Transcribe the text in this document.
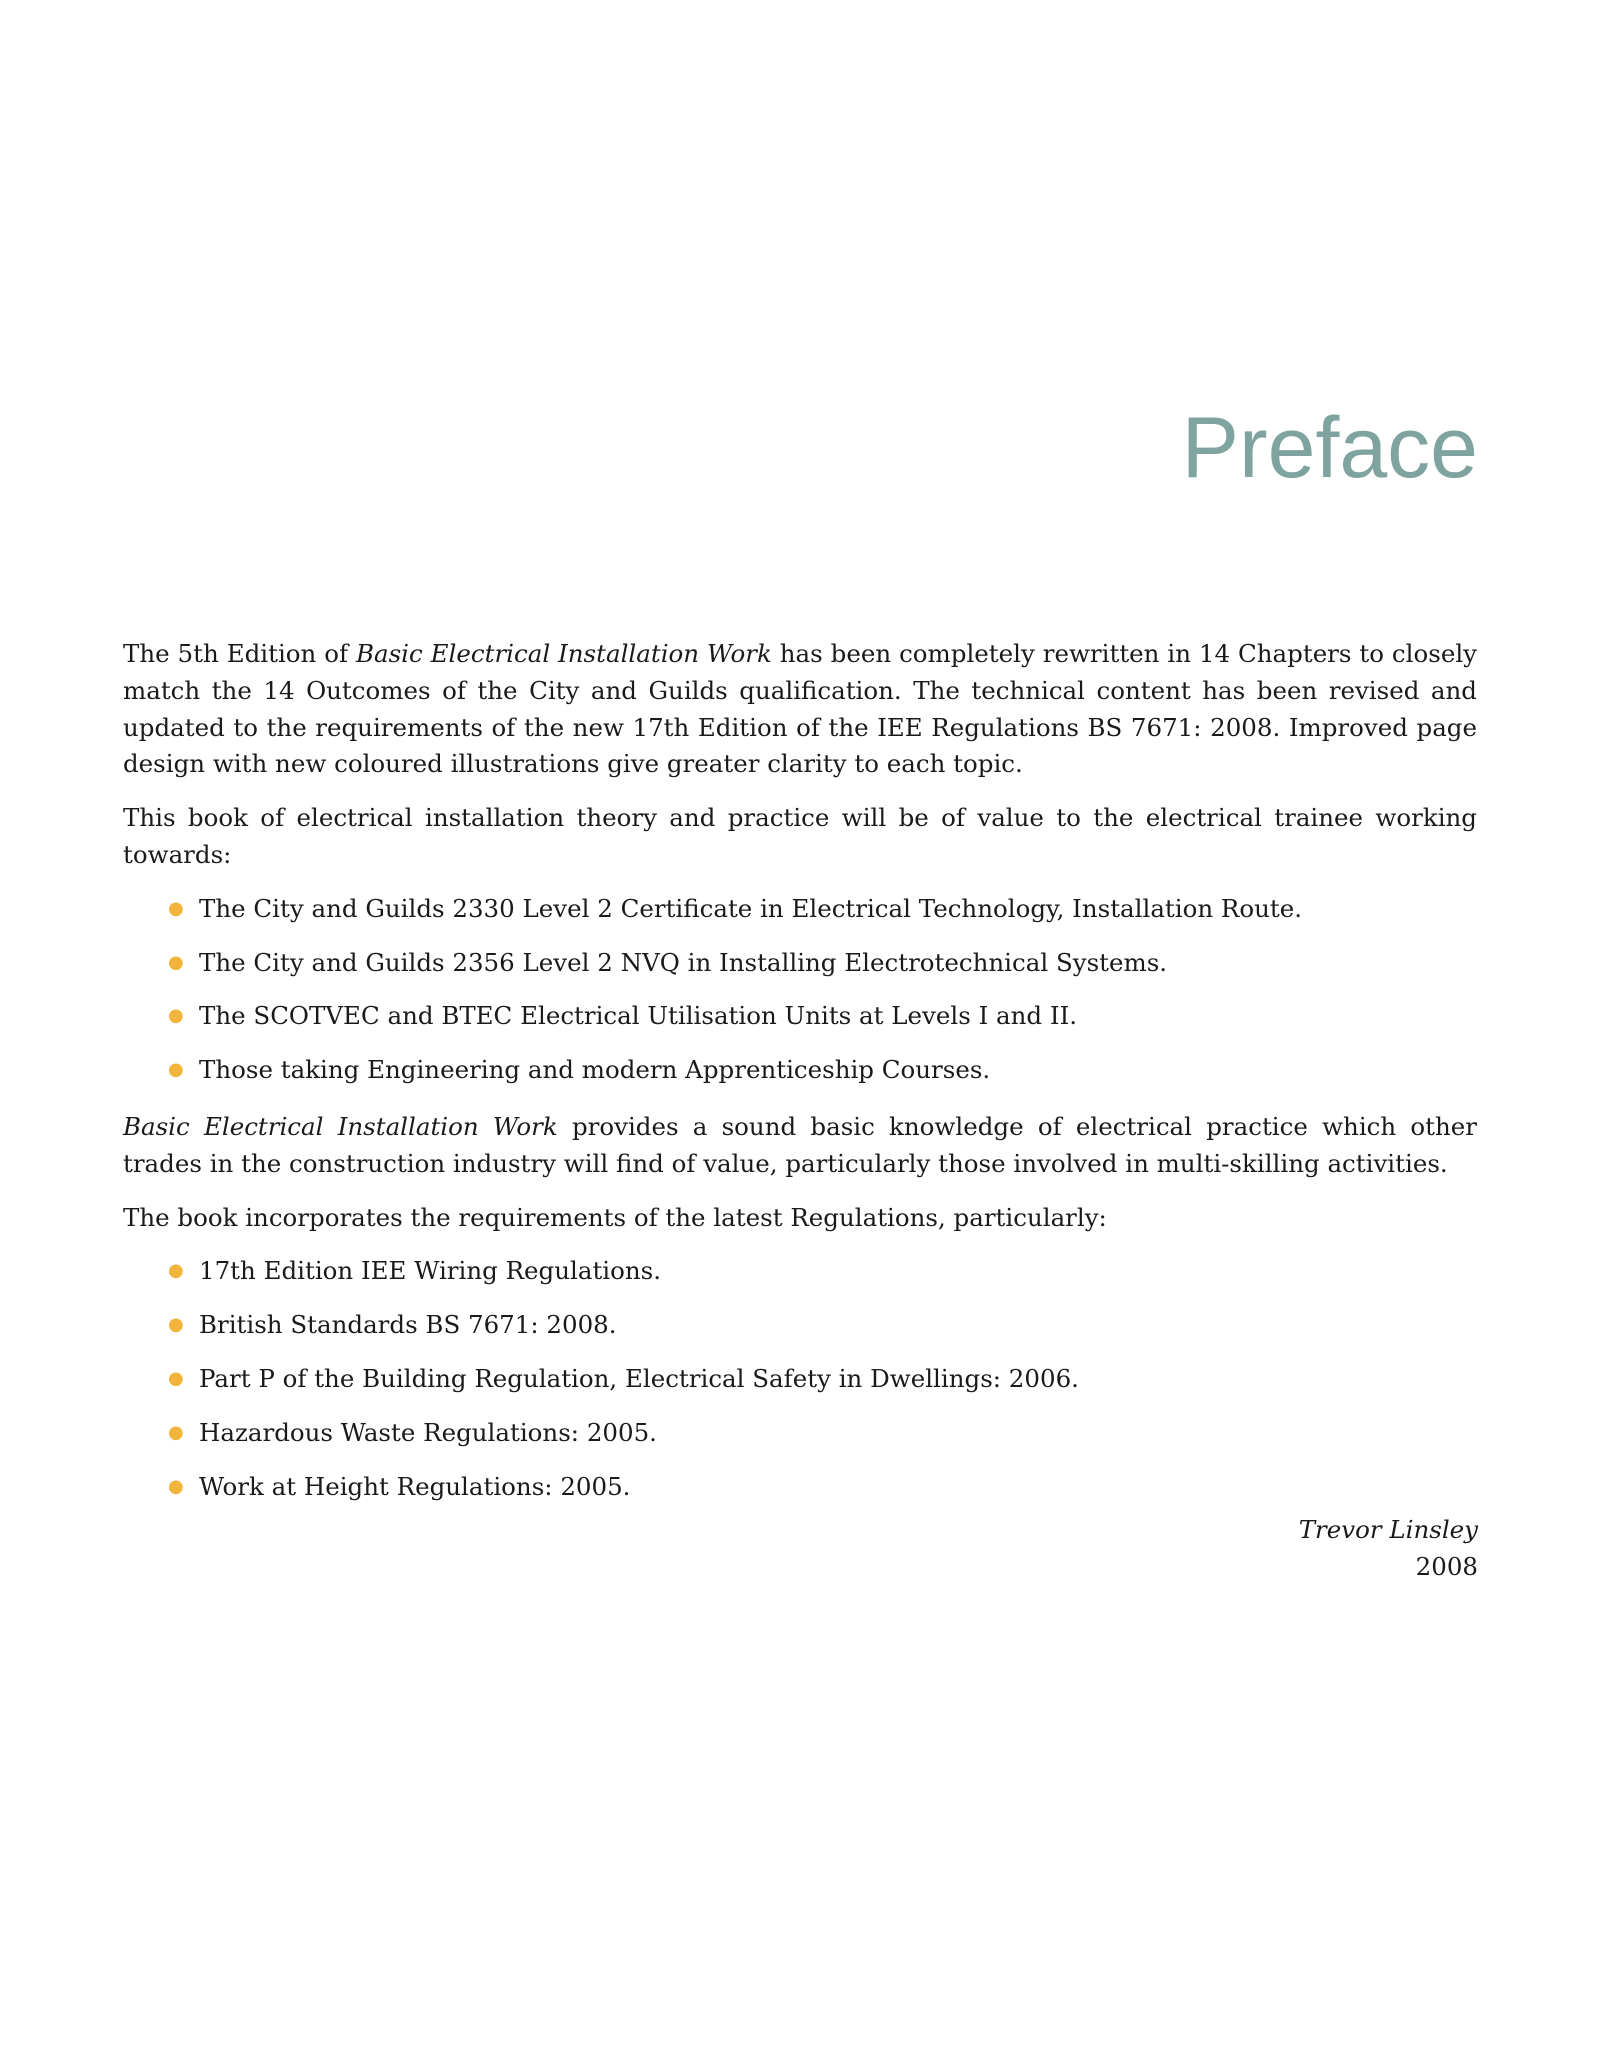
Preface

The 5th Edition of Basic Electrical Installation Work has been completely rewritten in 14 Chapters to closely match the 14 Outcomes of the City and Guilds qualification. The technical content has been revised and updated to the requirements of the new 17th Edition of the IEE Regulations BS 7671: 2008. Improved page design with new coloured illustrations give greater clarity to each topic.

This book of electrical installation theory and practice will be of value to the electrical trainee working towards:

● The City and Guilds 2330 Level 2 Certificate in Electrical Technology, Installation Route.
● The City and Guilds 2356 Level 2 NVQ in Installing Electrotechnical Systems.
● The SCOTVEC and BTEC Electrical Utilisation Units at Levels I and II.
● Those taking Engineering and modern Apprenticeship Courses.

Basic Electrical Installation Work provides a sound basic knowledge of electrical practice which other trades in the construction industry will find of value, particularly those involved in multi-skilling activities.

The book incorporates the requirements of the latest Regulations, particularly:

● 17th Edition IEE Wiring Regulations.
● British Standards BS 7671: 2008.
● Part P of the Building Regulation, Electrical Safety in Dwellings: 2006.
● Hazardous Waste Regulations: 2005.
● Work at Height Regulations: 2005.
Trevor Linsley
2008
